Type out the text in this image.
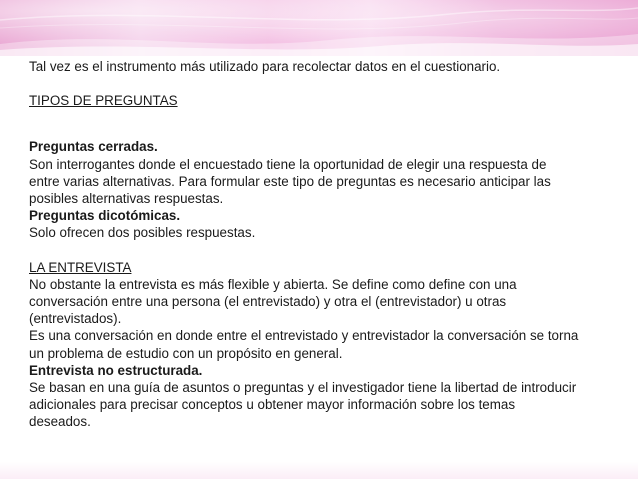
Tal vez es el instrumento más utilizado para recolectar datos en el cuestionario.

TIPOS DE PREGUNTAS

Preguntas cerradas.

Son interrogantes donde el encuestado tiene la oportunidad de elegir una respuesta de

entre varias alternativas. Para formular este tipo de preguntas es necesario anticipar las

posibles alternativas respuestas.

Preguntas dicotómicas.

Solo ofrecen dos posibles respuestas.

LA ENTREVISTA

No obstante la entrevista es más flexible y abierta. Se define como define con una

conversación entre una persona (el entrevistado) y otra el (entrevistador) u otras

(entrevistados).

Es una conversación en donde entre el entrevistado y entrevistador la conversación se torna

un problema de estudio con un propósito en general.

Entrevista no estructurada.

Se basan en una guía de asuntos o preguntas y el investigador tiene la libertad de introducir

adicionales para precisar conceptos u obtener mayor información sobre los temas

deseados.
